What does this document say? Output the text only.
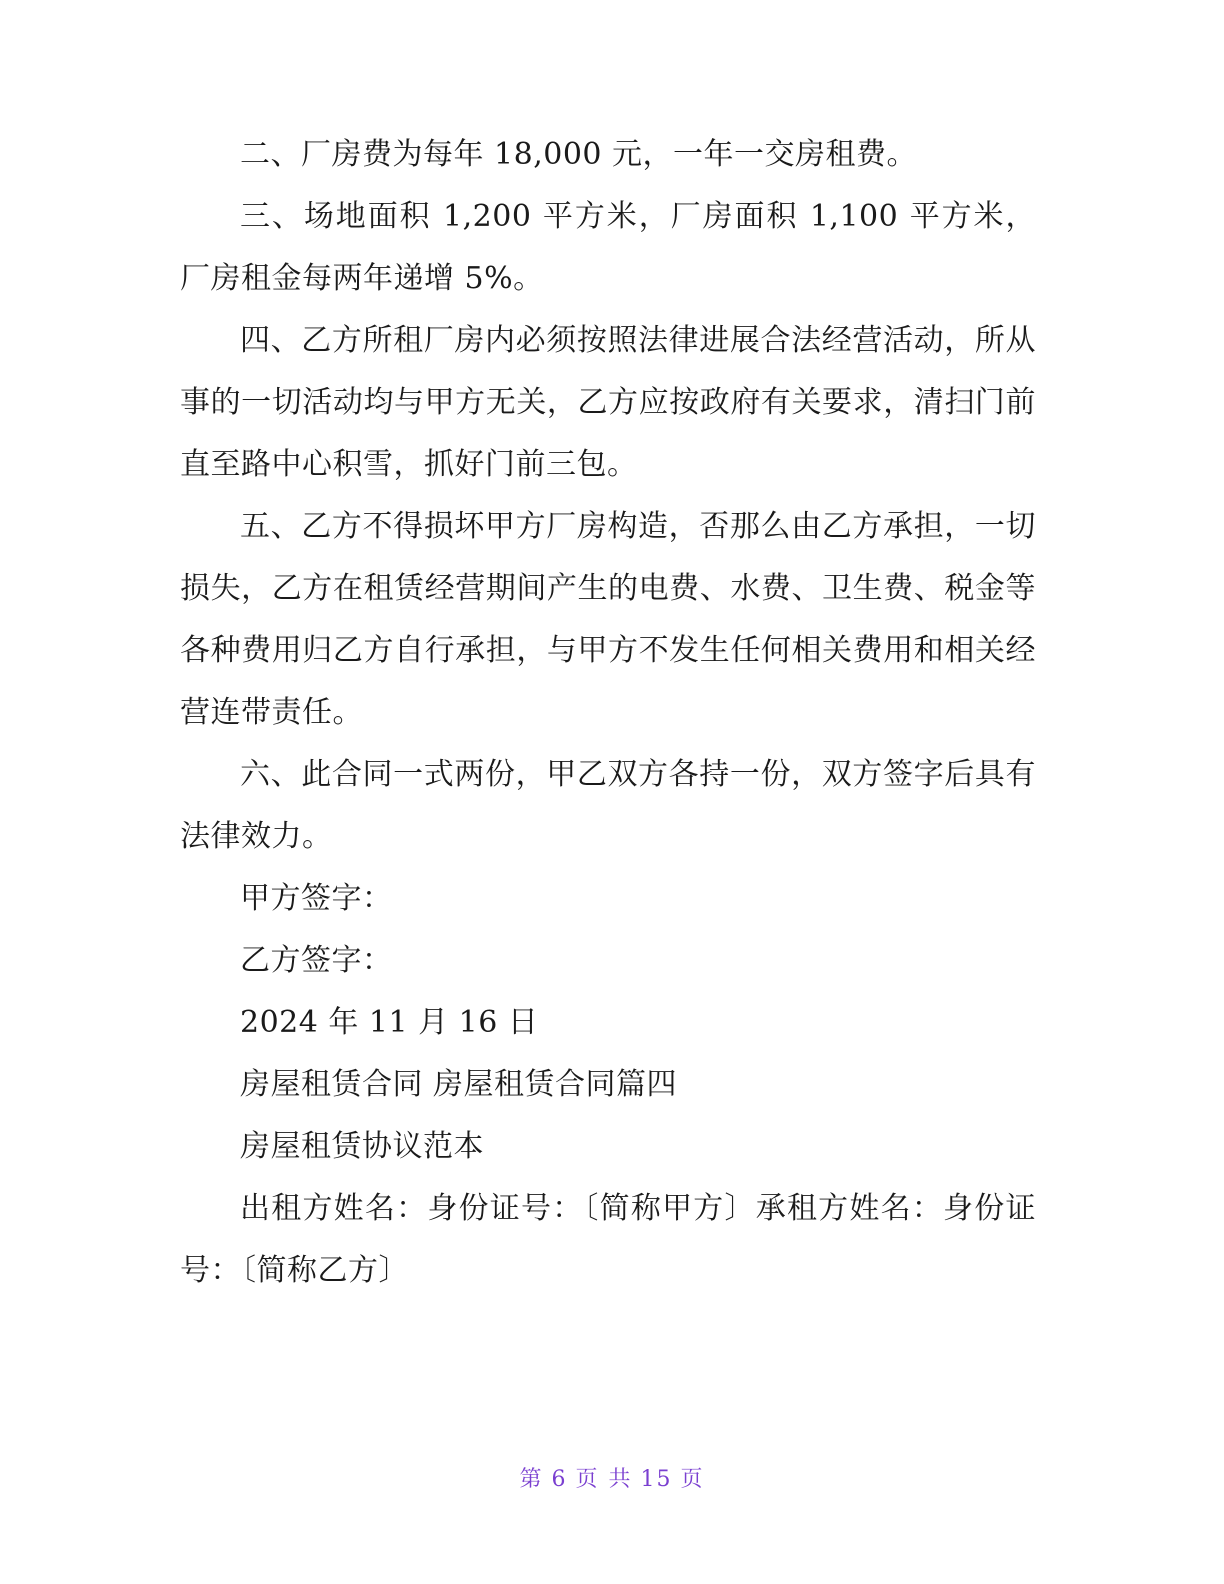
二、厂房费为每年 18,000 元，一年一交房租费。

三、场地面积 1,200 平方米，厂房面积 1,100 平方米，厂房租金每两年递增 5%。

四、乙方所租厂房内必须按照法律进展合法经营活动，所从事的一切活动均与甲方无关，乙方应按政府有关要求，清扫门前直至路中心积雪，抓好门前三包。

五、乙方不得损坏甲方厂房构造，否那么由乙方承担，一切损失，乙方在租赁经营期间产生的电费、水费、卫生费、税金等各种费用归乙方自行承担，与甲方不发生任何相关费用和相关经营连带责任。

六、此合同一式两份，甲乙双方各持一份，双方签字后具有法律效力。

甲方签字：

乙方签字：

2024 年 11 月 16 日

房屋租赁合同 房屋租赁合同篇四

房屋租赁协议范本

出租方姓名：身份证号：〔简称甲方〕承租方姓名：身份证号：〔简称乙方〕

第 6 页 共 15 页
